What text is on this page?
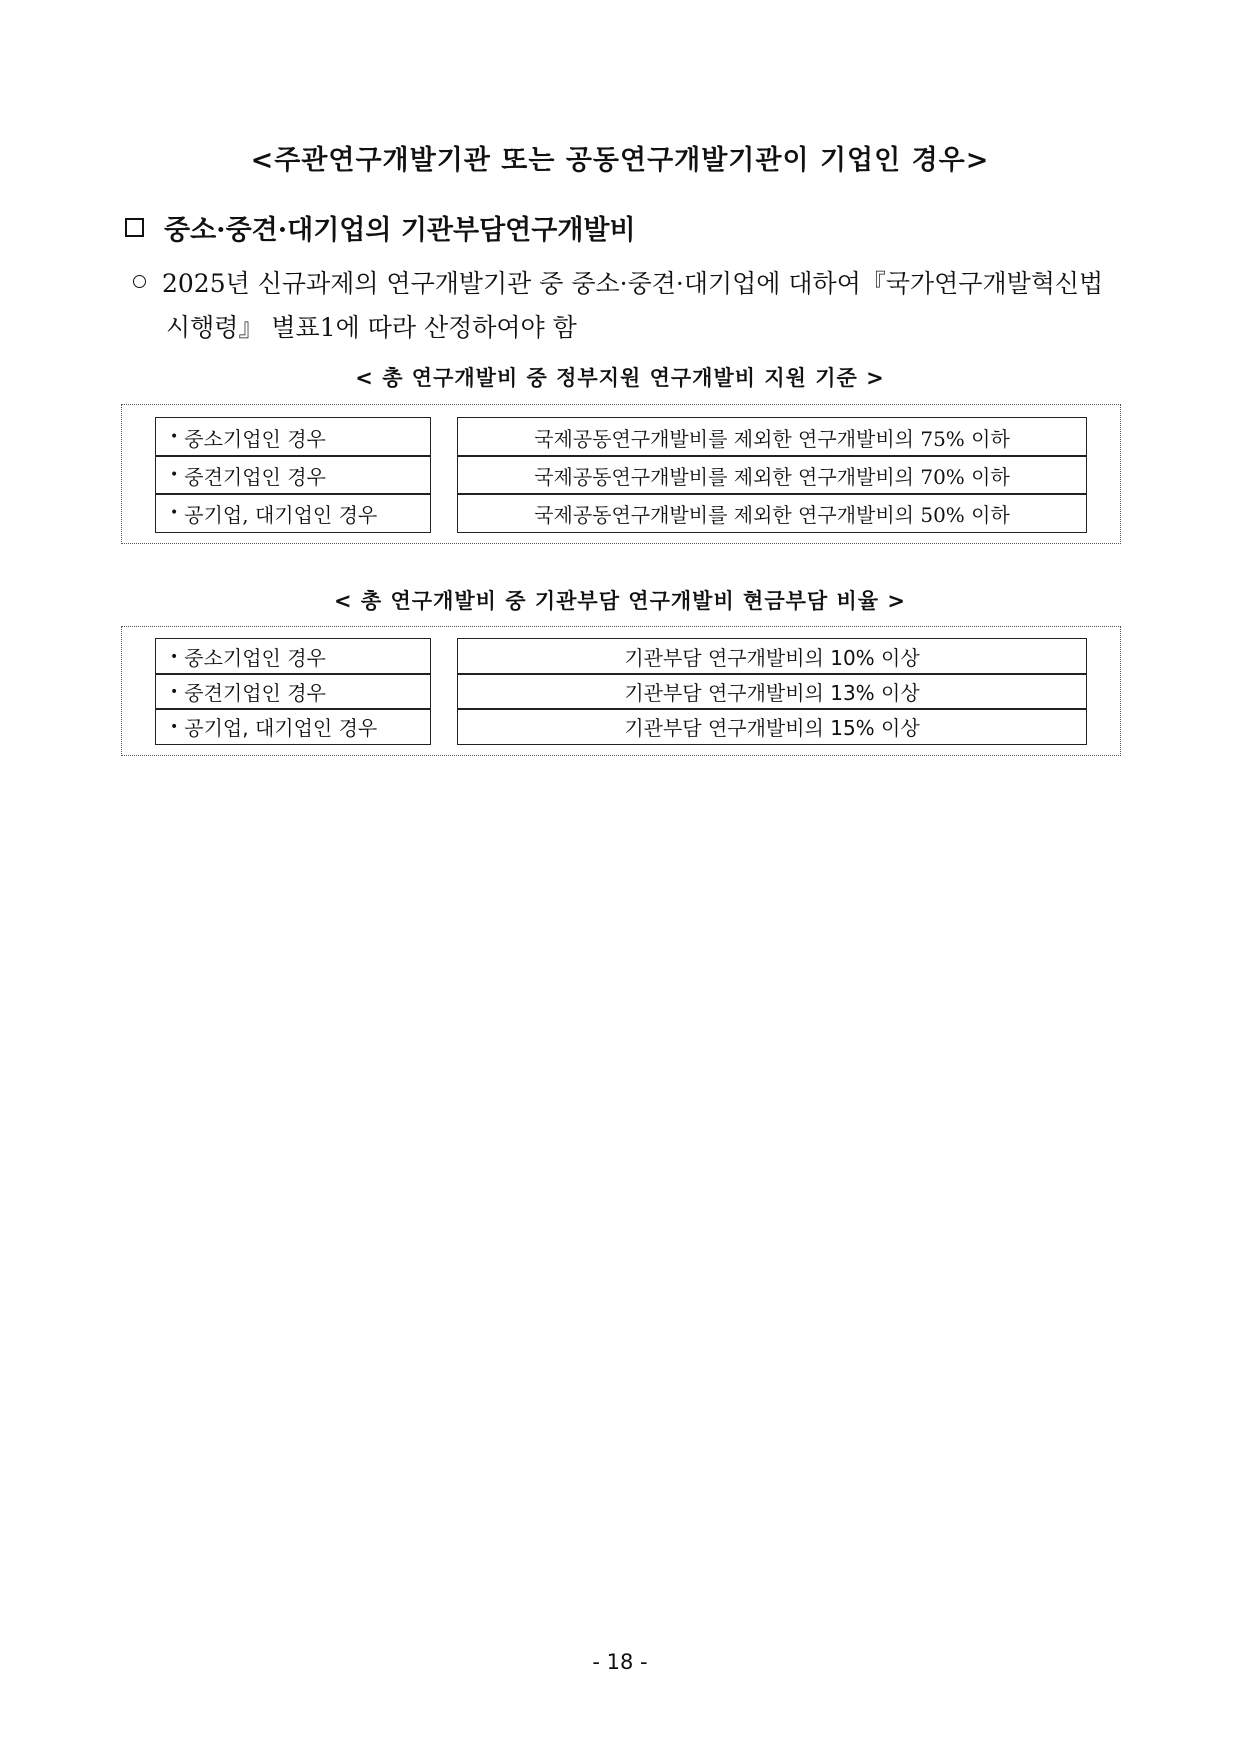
<주관연구개발기관 또는 공동연구개발기관이 기업인 경우>
중소·중견·대기업의 기관부담연구개발비
2025년 신규과제의 연구개발기관 중 중소·중견·대기업에 대하여『국가연구개발혁신법
시행령』 별표1에 따라 산정하여야 함
< 총 연구개발비 중 정부지원 연구개발비 지원 기준 >
• 중소기업인 경우	국제공동연구개발비를 제외한 연구개발비의 75% 이하
• 중견기업인 경우	국제공동연구개발비를 제외한 연구개발비의 70% 이하
• 공기업, 대기업인 경우	국제공동연구개발비를 제외한 연구개발비의 50% 이하
< 총 연구개발비 중 기관부담 연구개발비 현금부담 비율 >
• 중소기업인 경우	기관부담 연구개발비의 10% 이상
• 중견기업인 경우	기관부담 연구개발비의 13% 이상
• 공기업, 대기업인 경우	기관부담 연구개발비의 15% 이상
- 18 -
